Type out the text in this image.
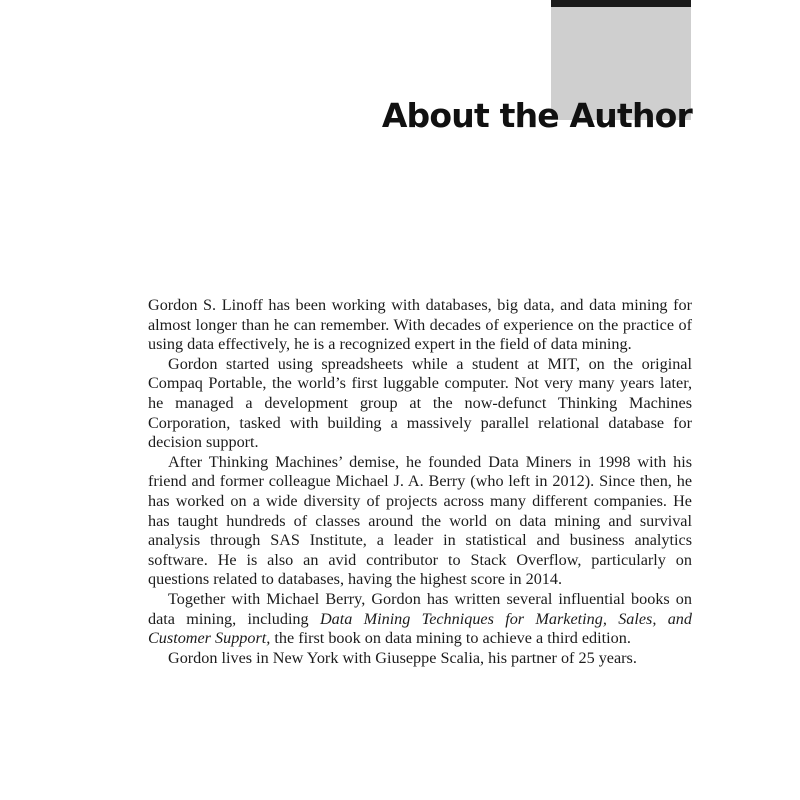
About the Author

Gordon S. Linoff has been working with databases, big data, and data mining for almost longer than he can remember. With decades of experience on the practice of using data effectively, he is a recognized expert in the field of data mining.

Gordon started using spreadsheets while a student at MIT, on the original Compaq Portable, the world’s first luggable computer. Not very many years later, he managed a development group at the now-defunct Thinking Machines Corporation, tasked with building a massively parallel relational database for decision support.

After Thinking Machines’ demise, he founded Data Miners in 1998 with his friend and former colleague Michael J. A. Berry (who left in 2012). Since then, he has worked on a wide diversity of projects across many different companies. He has taught hundreds of classes around the world on data mining and survival analysis through SAS Institute, a leader in statistical and business analytics software. He is also an avid contributor to Stack Overflow, particularly on questions related to databases, having the highest score in 2014.

Together with Michael Berry, Gordon has written several influential books on data mining, including Data Mining Techniques for Marketing, Sales, and Customer Support, the first book on data mining to achieve a third edition.

Gordon lives in New York with Giuseppe Scalia, his partner of 25 years.
